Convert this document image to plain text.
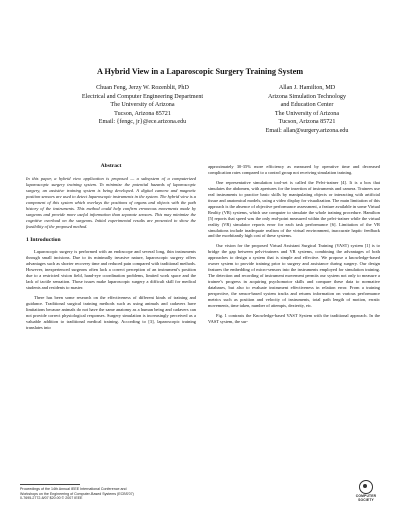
A Hybrid View in a Laparoscopic Surgery Training System
Chuan Feng, Jerzy W. Rozenblit, PhD
Electrical and Computer Engineering Department
The University of Arizona
Tucson, Arizona 85721
Email: {fengc, jr}@ece.arizona.edu
Allan J. Hamilton, MD
Arizona Simulation Technology
and Education Center
The University of Arizona
Tucson, Arizona 85721
Email: allan@surgery.arizona.edu
Abstract

In this paper, a hybrid view application is proposed — a subsystem of a computerized laparoscopic surgery training system. To minimize the potential hazards of laparoscopic surgery, an assistive training system is being developed. A digital camera and magnetic position sensors are used to detect laparoscopic instruments in the system. The hybrid view is a component of this system which overlays the positions of organs and objects with the path history of the instruments. This method could help confirm erroneous movements made by surgeons and provide more useful information than separate sensors. This may minimize the cognitive overload on the surgeons. Initial experimental results are presented to show the feasibility of the proposed method.

1 Introduction

Laparoscopic surgery is performed with an endoscope and several long, thin instruments through small incisions. Due to its minimally invasive nature, laparoscopic surgery offers advantages such as shorter recovery time and reduced pain compared with traditional methods. However, inexperienced surgeons often lack a correct perception of an instrument’s position due to a restricted vision field, hand-eye coordination problems, limited work space and the lack of tactile sensation. Those issues make laparoscopic surgery a difficult skill for medical students and residents to master.

There has been some research on the effectiveness of different kinds of training and guidance. Traditional surgical training methods such as using animals and cadavers have limitations because animals do not have the same anatomy as a human being and cadavers can not provide correct physiological responses. Surgery simulation is increasingly perceived as a valuable addition to traditional medical training. According to [3], laparoscopic training translates into

approximately 30-35% more efficiency as measured by operative time and decreased complication rates compared to a control group not receiving simulation training.

One representative simulation tool-set is called the Pelvi-trainer [4]. It is a box that simulates the abdomen, with apertures for the insertion of instruments and camera. Trainees use real instruments to practice basic skills by manipulating objects or interacting with artificial tissue and anatomical models, using a video display for visualization. The main limitation of this approach is the absence of objective performance assessment, a feature available in some Virtual Reality (VR) systems, which use computer to simulate the whole training procedure. Hamilton [5] reports that speed was the only end-point measured within the pelvi-trainer while the virtual reality (VR) simulator reports error for each task performance [6]. Limitation of the VR simulations include inadequate realism of the virtual environment, inaccurate haptic feedback and the exorbitantly high cost of these systems.

Our vision for the proposed Virtual Assistant Surgical Training (VAST) system [1] is to bridge the gap between pelvi-trainers and VR systems, combining the advantages of both approaches to design a system that is simple and effective. We propose a knowledge-based owner system to provide training prior to surgery and assistance during surgery. Our design features the embedding of micro-sensors into the instruments employed for simulation training. The detection and recording of instrument movement permits our system not only to measure a trainee’s progress in acquiring psychomotor skills and compare these data to normative databases, but also to evaluate instrument effectiveness in relation error. From a training perspective, the sensor-based system tracks and returns information on various performance metrics such as position and velocity of instruments, total path length of motion, erratic movements, time taken, number of attempts, dexterity, etc.

Fig. 1 contrasts the Knowledge-based VAST System with the traditional approach. In the VAST system, the sur-

Proceedings of the 14th Annual IEEE International Conference and
Workshops on the Engineering of Computer-Based Systems (ECBS'07)
0-7695-2772-8/07 $20.00 © 2007 IEEE
COMPUTER
SOCIETY
